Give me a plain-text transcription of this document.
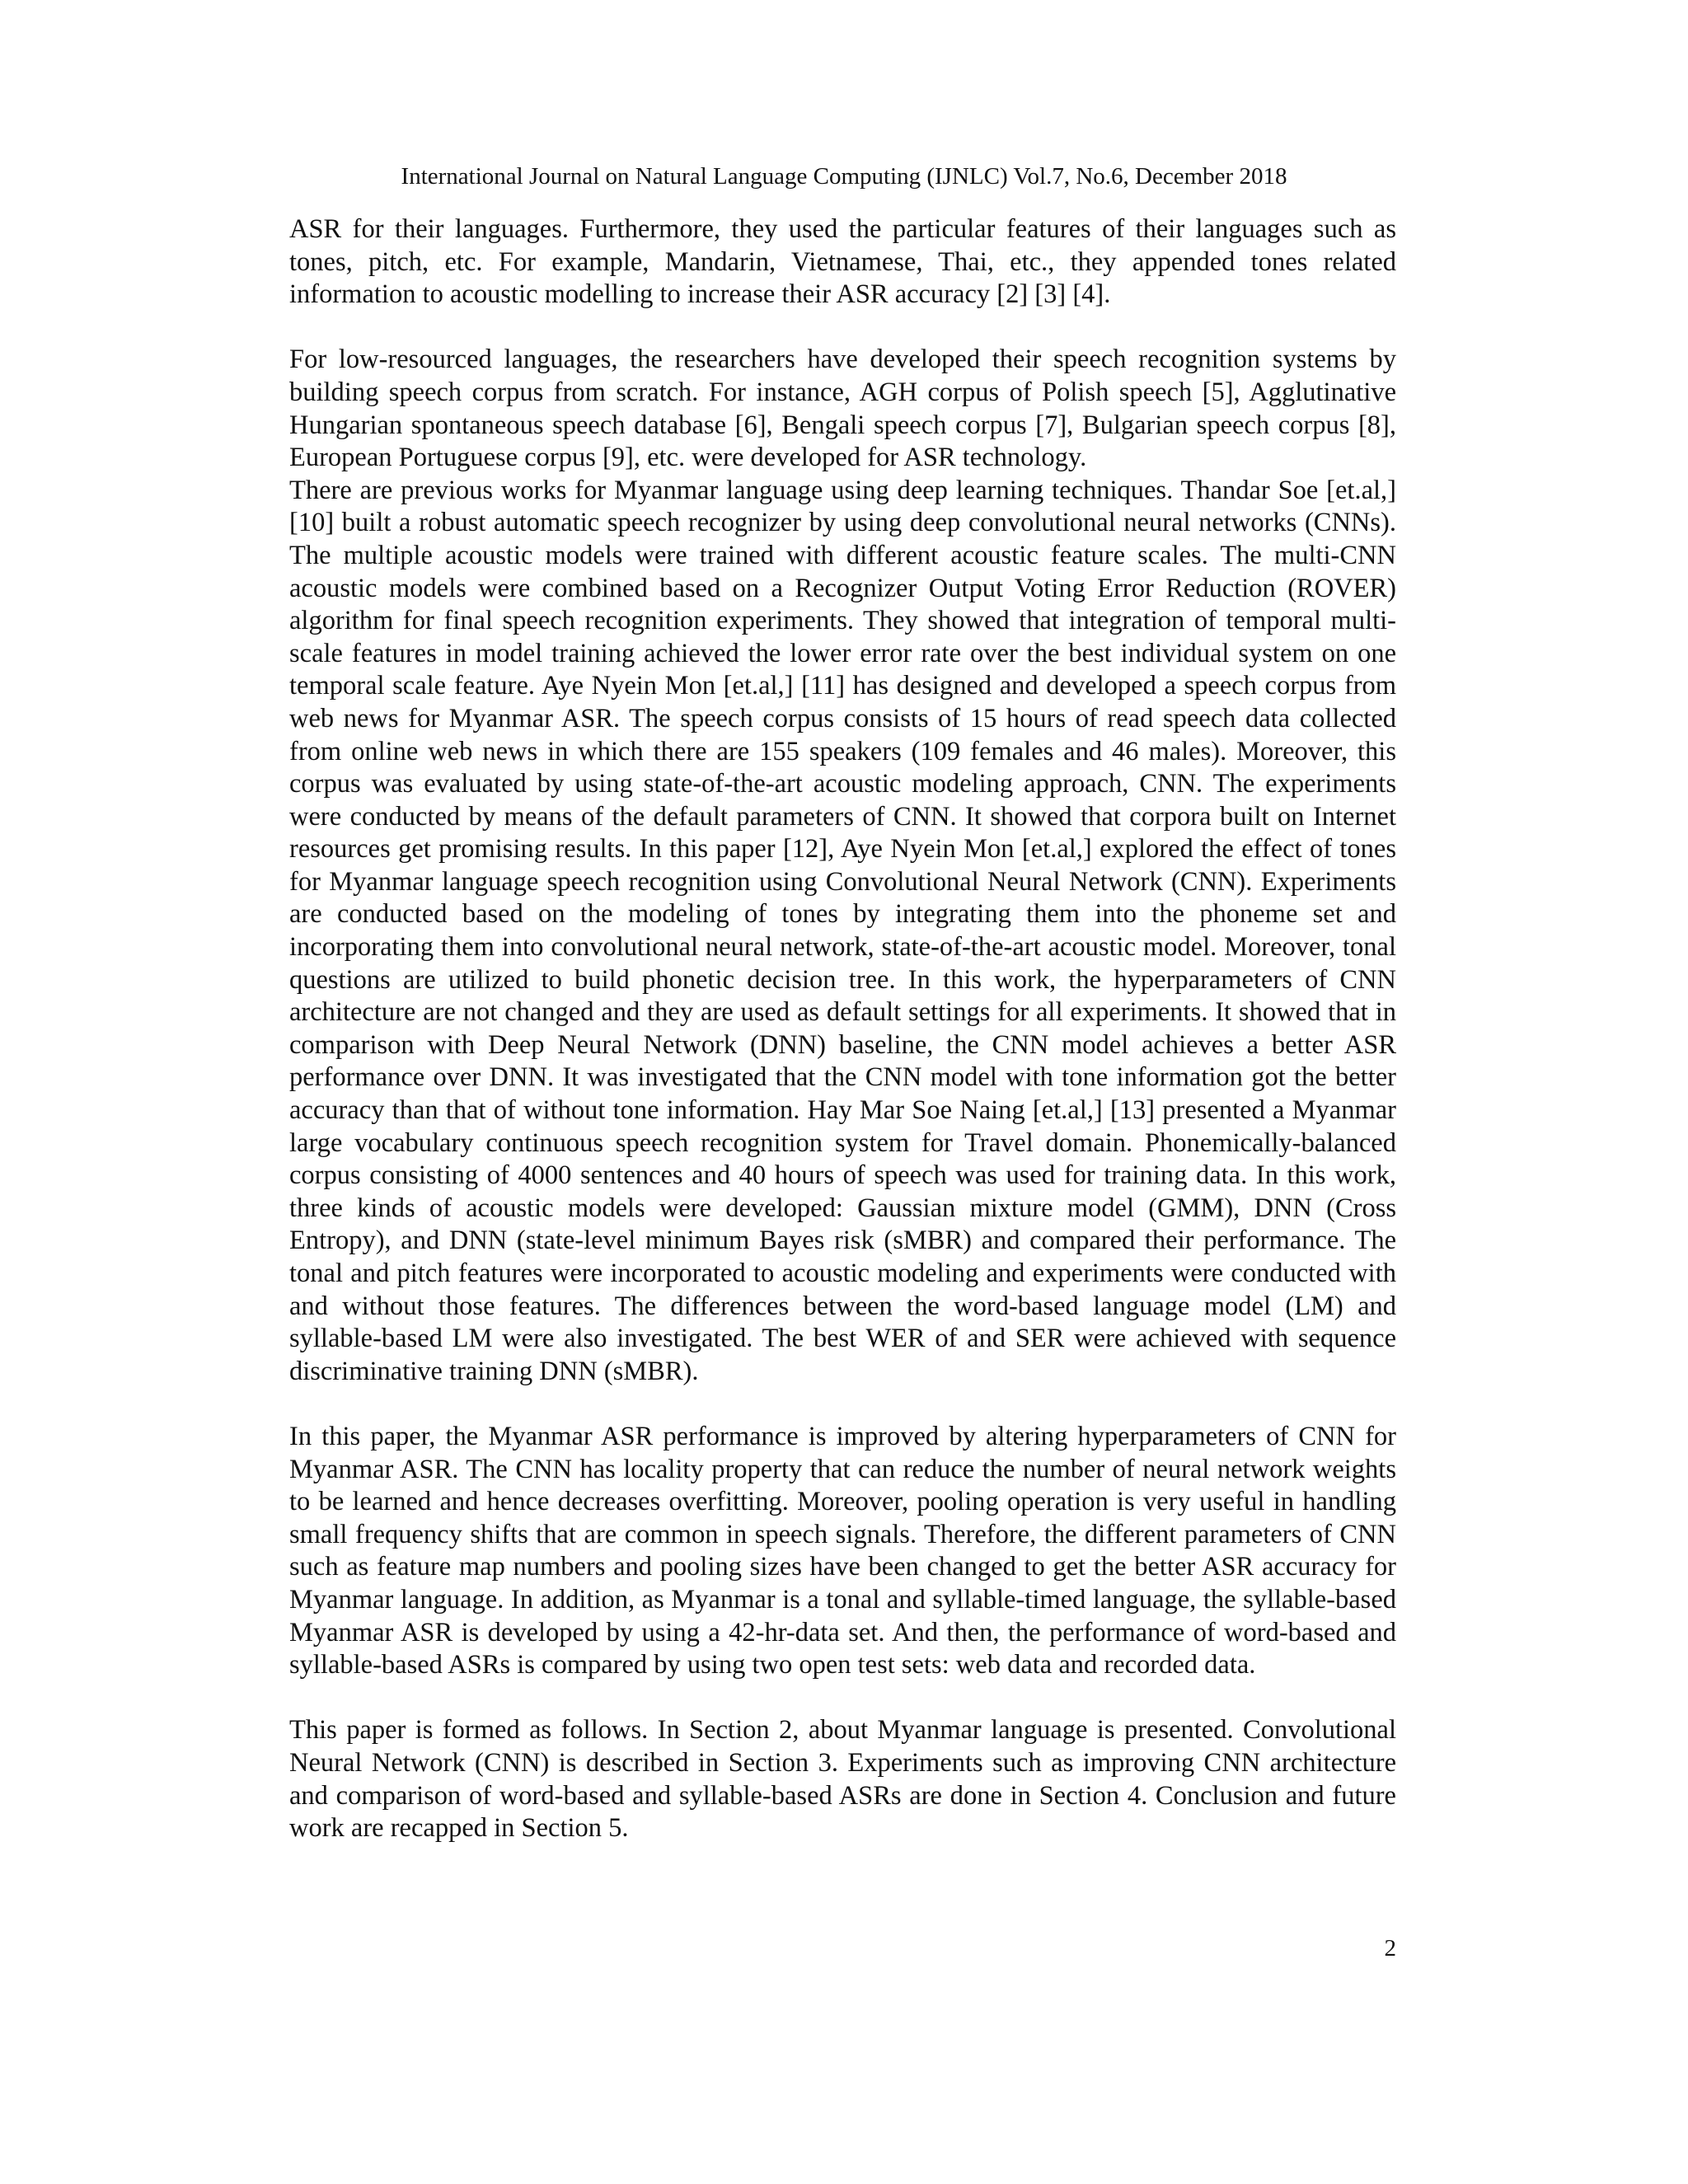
International Journal on Natural Language Computing (IJNLC) Vol.7, No.6, December 2018

ASR for their languages. Furthermore, they used the particular features of their languages such as tones, pitch, etc. For example, Mandarin, Vietnamese, Thai, etc., they appended tones related information to acoustic modelling to increase their ASR accuracy [2] [3] [4].

For low-resourced languages, the researchers have developed their speech recognition systems by building speech corpus from scratch. For instance, AGH corpus of Polish speech [5], Agglutinative Hungarian spontaneous speech database [6], Bengali speech corpus [7], Bulgarian speech corpus [8], European Portuguese corpus [9], etc. were developed for ASR technology.

There are previous works for Myanmar language using deep learning techniques. Thandar Soe [et.al,] [10] built a robust automatic speech recognizer by using deep convolutional neural networks (CNNs). The multiple acoustic models were trained with different acoustic feature scales. The multi-CNN acoustic models were combined based on a Recognizer Output Voting Error Reduction (ROVER) algorithm for final speech recognition experiments. They showed that integration of temporal multi-scale features in model training achieved the lower error rate over the best individual system on one temporal scale feature. Aye Nyein Mon [et.al,] [11] has designed and developed a speech corpus from web news for Myanmar ASR. The speech corpus consists of 15 hours of read speech data collected from online web news in which there are 155 speakers (109 females and 46 males). Moreover, this corpus was evaluated by using state-of-the-art acoustic modeling approach, CNN. The experiments were conducted by means of the default parameters of CNN. It showed that corpora built on Internet resources get promising results. In this paper [12], Aye Nyein Mon [et.al,] explored the effect of tones for Myanmar language speech recognition using Convolutional Neural Network (CNN). Experiments are conducted based on the modeling of tones by integrating them into the phoneme set and incorporating them into convolutional neural network, state-of-the-art acoustic model. Moreover, tonal questions are utilized to build phonetic decision tree. In this work, the hyperparameters of CNN architecture are not changed and they are used as default settings for all experiments. It showed that in comparison with Deep Neural Network (DNN) baseline, the CNN model achieves a better ASR performance over DNN. It was investigated that the CNN model with tone information got the better accuracy than that of without tone information. Hay Mar Soe Naing [et.al,] [13] presented a Myanmar large vocabulary continuous speech recognition system for Travel domain. Phonemically-balanced corpus consisting of 4000 sentences and 40 hours of speech was used for training data. In this work, three kinds of acoustic models were developed: Gaussian mixture model (GMM), DNN (Cross Entropy), and DNN (state-level minimum Bayes risk (sMBR) and compared their performance. The tonal and pitch features were incorporated to acoustic modeling and experiments were conducted with and without those features. The differences between the word-based language model (LM) and syllable-based LM were also investigated. The best WER of and SER were achieved with sequence discriminative training DNN (sMBR).

In this paper, the Myanmar ASR performance is improved by altering hyperparameters of CNN for Myanmar ASR. The CNN has locality property that can reduce the number of neural network weights to be learned and hence decreases overfitting. Moreover, pooling operation is very useful in handling small frequency shifts that are common in speech signals. Therefore, the different parameters of CNN such as feature map numbers and pooling sizes have been changed to get the better ASR accuracy for Myanmar language. In addition, as Myanmar is a tonal and syllable-timed language, the syllable-based Myanmar ASR is developed by using a 42-hr-data set. And then, the performance of word-based and syllable-based ASRs is compared by using two open test sets: web data and recorded data.

This paper is formed as follows. In Section 2, about Myanmar language is presented. Convolutional Neural Network (CNN) is described in Section 3. Experiments such as improving CNN architecture and comparison of word-based and syllable-based ASRs are done in Section 4. Conclusion and future work are recapped in Section 5.

2
